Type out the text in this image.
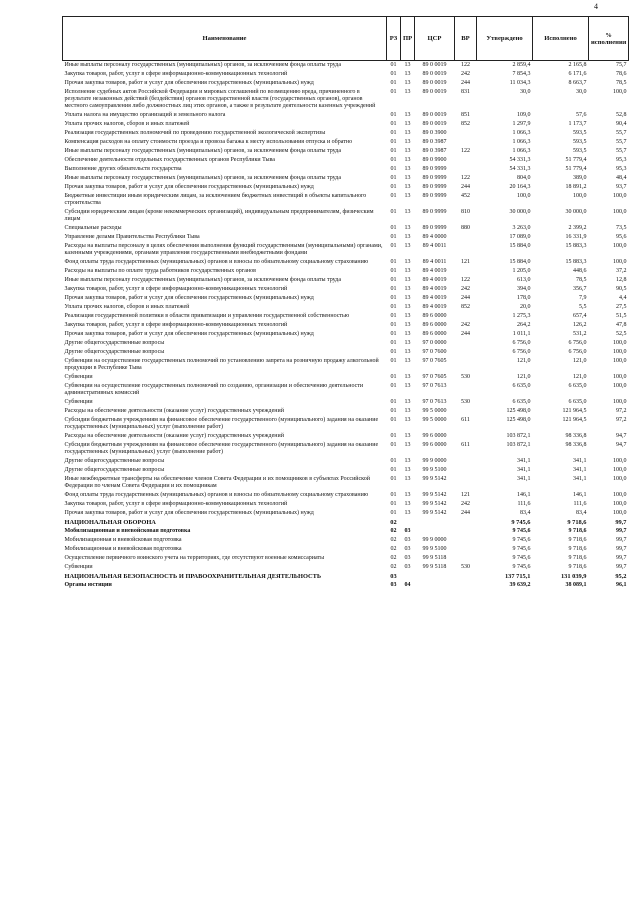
4
Наименование	РЗ	ПР	ЦСР	ВР	Утверждено	Исполнено	% исполнения
Иные выплаты персоналу государственных (муниципальных) органов, за исключением фонда оплаты труда	01	13	89 0 0019	122	2 859,4	2 165,8	75,7
Закупка товаров, работ, услуг в сфере информационно-коммуникационных технологий	01	13	89 0 0019	242	7 854,3	6 171,6	78,6
Прочая закупка товаров, работ и услуг для обеспечения государственных (муниципальных) нужд	01	13	89 0 0019	244	11 034,3	8 663,7	78,5
Исполнение судебных актов Российской Федерации и мировых соглашений по возмещению вреда, причиненного в результате незаконных действий (бездействия) органов государственной власти (государственных органов), органов местного самоуправления либо должностных лиц этих органов, а также в результате деятельности казенных учреждений	01	13	89 0 0019	831	30,0	30,0	100,0
Уплата налога на имущество организаций и земельного налога	01	13	89 0 0019	851	109,0	57,6	52,8
Уплата прочих налогов, сборов и иных платежей	01	13	89 0 0019	852	1 297,9	1 173,7	90,4
Реализация государственных полномочий по проведению государственной экологической экспертизы	01	13	89 0 3900		1 066,3	593,5	55,7
Компенсация расходов на оплату стоимости проезда и провоза багажа к месту использования отпуска и обратно	01	13	89 0 3987		1 066,3	593,5	55,7
Иные выплаты персоналу государственных (муниципальных) органов, за исключением фонда оплаты труда	01	13	89 0 3987	122	1 066,3	593,5	55,7
Обеспечение деятельности отдельных государственных органов Республики Тыва	01	13	89 0 9900		54 331,3	51 779,4	95,3
Выполнение других обязательств государства	01	13	89 0 9999		54 331,3	51 779,4	95,3
Иные выплаты персоналу государственных (муниципальных) органов, за исключением фонда оплаты труда	01	13	89 0 9999	122	804,0	389,0	48,4
Прочая закупка товаров, работ и услуг для обеспечения государственных (муниципальных) нужд	01	13	89 0 9999	244	20 164,3	18 891,2	93,7
Бюджетные инвестиции иным юридическим лицам, за исключением бюджетных инвестиций в объекты капитального строительства	01	13	89 0 9999	452	100,0	100,0	100,0
Субсидии юридическим лицам (кроме некоммерческих организаций), индивидуальным предпринимателям, физическим лицам	01	13	89 0 9999	810	30 000,0	30 000,0	100,0
Специальные расходы	01	13	89 0 9999	880	3 263,0	2 399,2	73,5
Управление делами Правительства Республики Тыва	01	13	89 4 0000		17 089,0	16 331,9	95,6
Расходы на выплаты персоналу в целях обеспечения выполнения функций государственными (муниципальными) органами, казенными учреждениями, органами управления государственными внебюджетными фондами	01	13	89 4 0011		15 884,0	15 883,3	100,0
Фонд оплаты труда государственных (муниципальных) органов и взносы по обязательному социальному страхованию	01	13	89 4 0011	121	15 884,0	15 883,3	100,0
Расходы на выплаты по оплате труда работников государственных органов	01	13	89 4 0019		1 205,0	448,6	37,2
Иные выплаты персоналу государственных (муниципальных) органов, за исключением фонда оплаты труда	01	13	89 4 0019	122	613,0	78,5	12,8
Закупка товаров, работ, услуг в сфере информационно-коммуникационных технологий	01	13	89 4 0019	242	394,0	356,7	90,5
Прочая закупка товаров, работ и услуг для обеспечения государственных (муниципальных) нужд	01	13	89 4 0019	244	178,0	7,9	4,4
Уплата прочих налогов, сборов и иных платежей	01	13	89 4 0019	852	20,0	5,5	27,5
Реализация государственной политики в области приватизации и управления государственной собственностью	01	13	89 6 0000		1 275,3	657,4	51,5
Закупка товаров, работ, услуг в сфере информационно-коммуникационных технологий	01	13	89 6 0000	242	264,2	126,2	47,8
Прочая закупка товаров, работ и услуг для обеспечения государственных (муниципальных) нужд	01	13	89 6 0000	244	1 011,1	531,2	52,5
Другие общегосударственные вопросы	01	13	97 0 0000		6 756,0	6 756,0	100,0
Другие общегосударственные вопросы	01	13	97 0 7600		6 756,0	6 756,0	100,0
Субвенции на осуществление государственных полномочий по установлению запрета на розничную продажу алкогольной продукции в Республике Тыва	01	13	97 0 7605		121,0	121,0	100,0
Субвенции	01	13	97 0 7605	530	121,0	121,0	100,0
Субвенции на осуществление государственных полномочий по созданию, организации и обеспечению деятельности административных комиссий	01	13	97 0 7613		6 635,0	6 635,0	100,0
Субвенции	01	13	97 0 7613	530	6 635,0	6 635,0	100,0
Расходы на обеспечение деятельности (оказание услуг) государственных учреждений	01	13	99 5 0000		125 498,0	121 964,5	97,2
Субсидии бюджетным учреждениям на финансовое обеспечение государственного (муниципального) задания на оказание государственных (муниципальных) услуг (выполнение работ)	01	13	99 5 0000	611	125 498,0	121 964,5	97,2
Расходы на обеспечение деятельности (оказание услуг) государственных учреждений	01	13	99 6 0000		103 872,1	98 336,8	94,7
Субсидии бюджетным учреждениям на финансовое обеспечение государственного (муниципального) задания на оказание государственных (муниципальных) услуг (выполнение работ)	01	13	99 6 0000	611	103 872,1	98 336,8	94,7
Другие общегосударственные вопросы	01	13	99 9 0000		341,1	341,1	100,0
Другие общегосударственные вопросы	01	13	99 9 5100		341,1	341,1	100,0
Иные межбюджетные трансферты на обеспечение членов Совета Федерации и их помощников в субъектах Российской Федерации по членам Совета Федерации и их помощникам	01	13	99 9 5142		341,1	341,1	100,0
Фонд оплаты труда государственных (муниципальных) органов и взносы по обязательному социальному страхованию	01	13	99 9 5142	121	146,1	146,1	100,0
Закупка товаров, работ, услуг в сфере информационно-коммуникационных технологий	01	13	99 9 5142	242	111,6	111,6	100,0
Прочая закупка товаров, работ и услуг для обеспечения государственных (муниципальных) нужд	01	13	99 9 5142	244	83,4	83,4	100,0
НАЦИОНАЛЬНАЯ ОБОРОНА	02				9 745,6	9 718,6	99,7
Мобилизационная и вневойсковая подготовка	02	03			9 745,6	9 718,6	99,7
Мобилизационная и вневойсковая подготовка	02	03	99 9 0000		9 745,6	9 718,6	99,7
Мобилизационная и вневойсковая подготовка	02	03	99 9 5100		9 745,6	9 718,6	99,7
Осуществление первичного воинского учета на территориях, где отсутствуют военные комиссариаты	02	03	99 9 5118		9 745,6	9 718,6	99,7
Субвенции	02	03	99 9 5118	530	9 745,6	9 718,6	99,7
НАЦИОНАЛЬНАЯ БЕЗОПАСНОСТЬ И ПРАВООХРАНИТЕЛЬНАЯ ДЕЯТЕЛЬНОСТЬ	03				137 715,1	131 039,9	95,2
Органы юстиции	03	04			39 639,2	38 089,1	96,1
